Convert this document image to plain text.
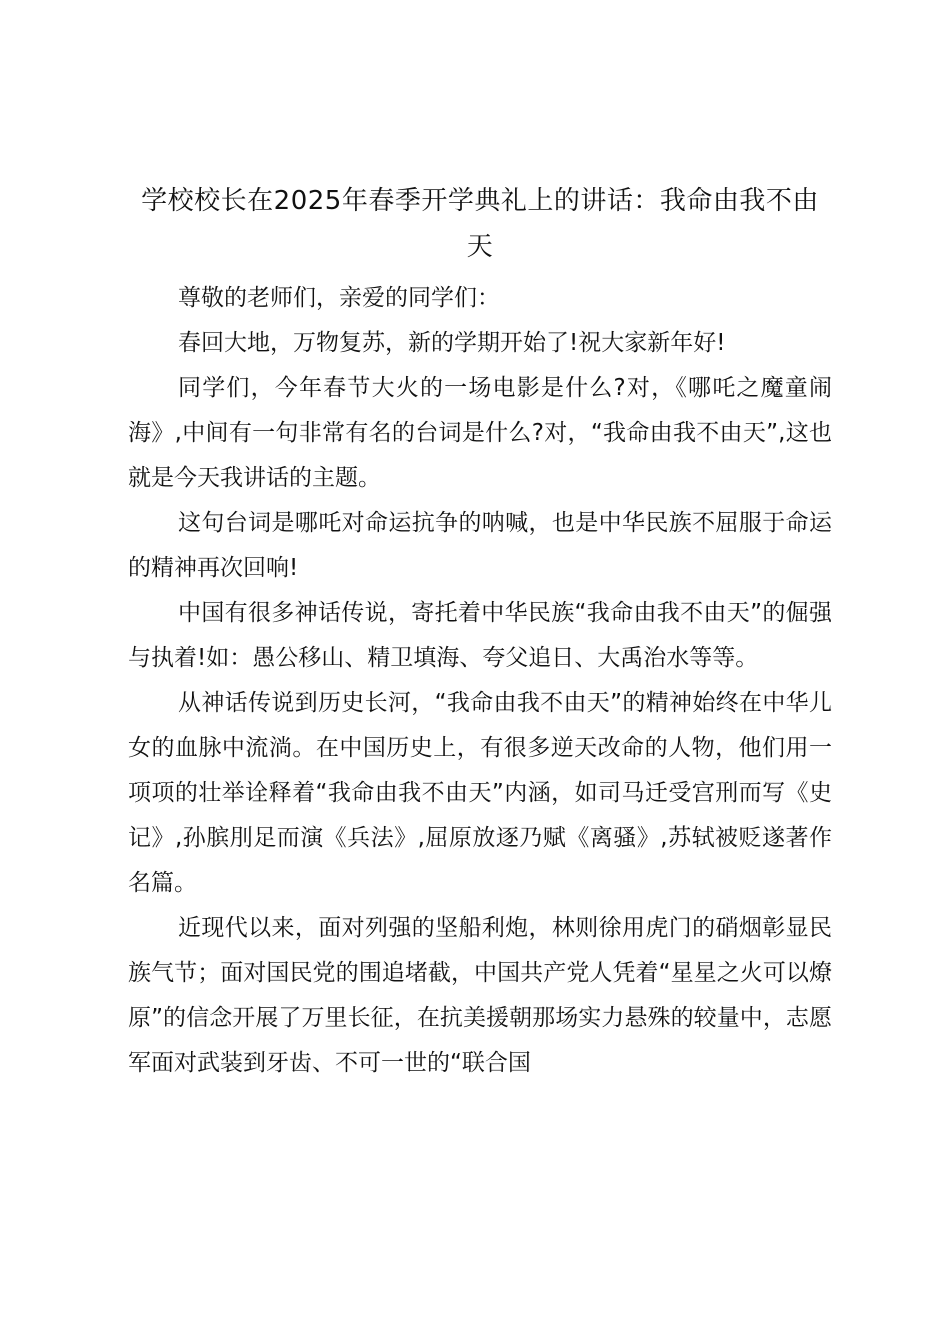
学校校长在2025年春季开学典礼上的讲话：我命由我不由天

尊敬的老师们，亲爱的同学们：

春回大地，万物复苏，新的学期开始了!祝大家新年好!

同学们，今年春节大火的一场电影是什么?对，《哪吒之魔童闹海》,中间有一句非常有名的台词是什么?对，“我命由我不由天”,这也就是今天我讲话的主题。

这句台词是哪吒对命运抗争的呐喊，也是中华民族不屈服于命运的精神再次回响!

中国有很多神话传说，寄托着中华民族“我命由我不由天”的倔强与执着!如：愚公移山、精卫填海、夸父追日、大禹治水等等。

从神话传说到历史长河，“我命由我不由天”的精神始终在中华儿女的血脉中流淌。在中国历史上，有很多逆天改命的人物，他们用一项项的壮举诠释着“我命由我不由天”内涵，如司马迁受宫刑而写《史记》,孙膑刖足而演《兵法》,屈原放逐乃赋《离骚》,苏轼被贬遂著作名篇。

近现代以来，面对列强的坚船利炮，林则徐用虎门的硝烟彰显民族气节；面对国民党的围追堵截，中国共产党人凭着“星星之火可以燎原”的信念开展了万里长征，在抗美援朝那场实力悬殊的较量中，志愿军面对武装到牙齿、不可一世的“联合国
